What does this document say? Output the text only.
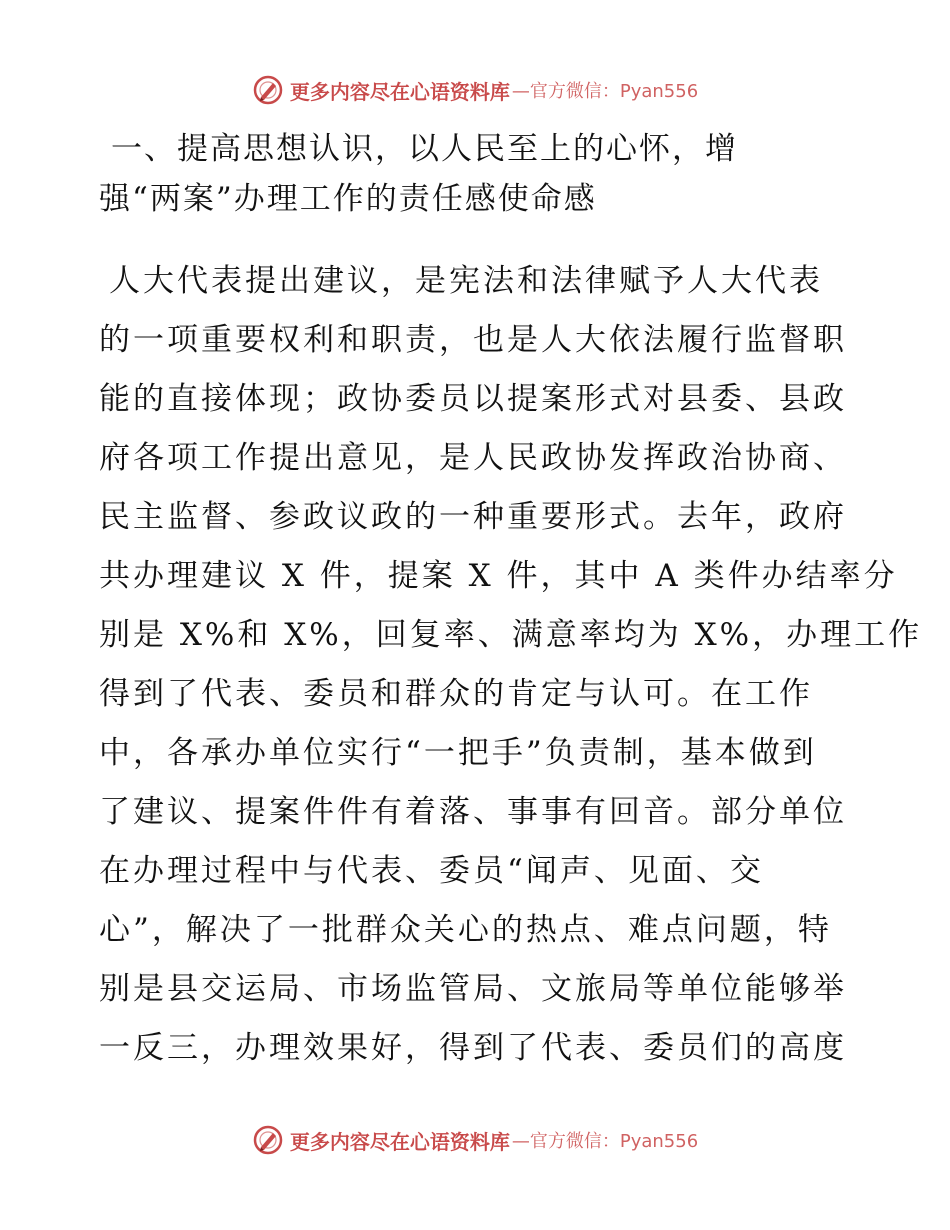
更多内容尽在心语资料库 —官方微信：Pyan556
一、提高思想认识，以人民至上的心怀，增
强“两案”办理工作的责任感使命感
人大代表提出建议，是宪法和法律赋予人大代表
的一项重要权利和职责，也是人大依法履行监督职
能的直接体现；政协委员以提案形式对县委、县政
府各项工作提出意见，是人民政协发挥政治协商、
民主监督、参政议政的一种重要形式。去年，政府
共办理建议 X 件，提案 X 件，其中 A 类件办结率分
别是 X%和 X%，回复率、满意率均为 X%，办理工作
得到了代表、委员和群众的肯定与认可。在工作
中，各承办单位实行“一把手”负责制，基本做到
了建议、提案件件有着落、事事有回音。部分单位
在办理过程中与代表、委员“闻声、见面、交
心”，解决了一批群众关心的热点、难点问题，特
别是县交运局、市场监管局、文旅局等单位能够举
一反三，办理效果好，得到了代表、委员们的高度
更多内容尽在心语资料库 —官方微信：Pyan556
